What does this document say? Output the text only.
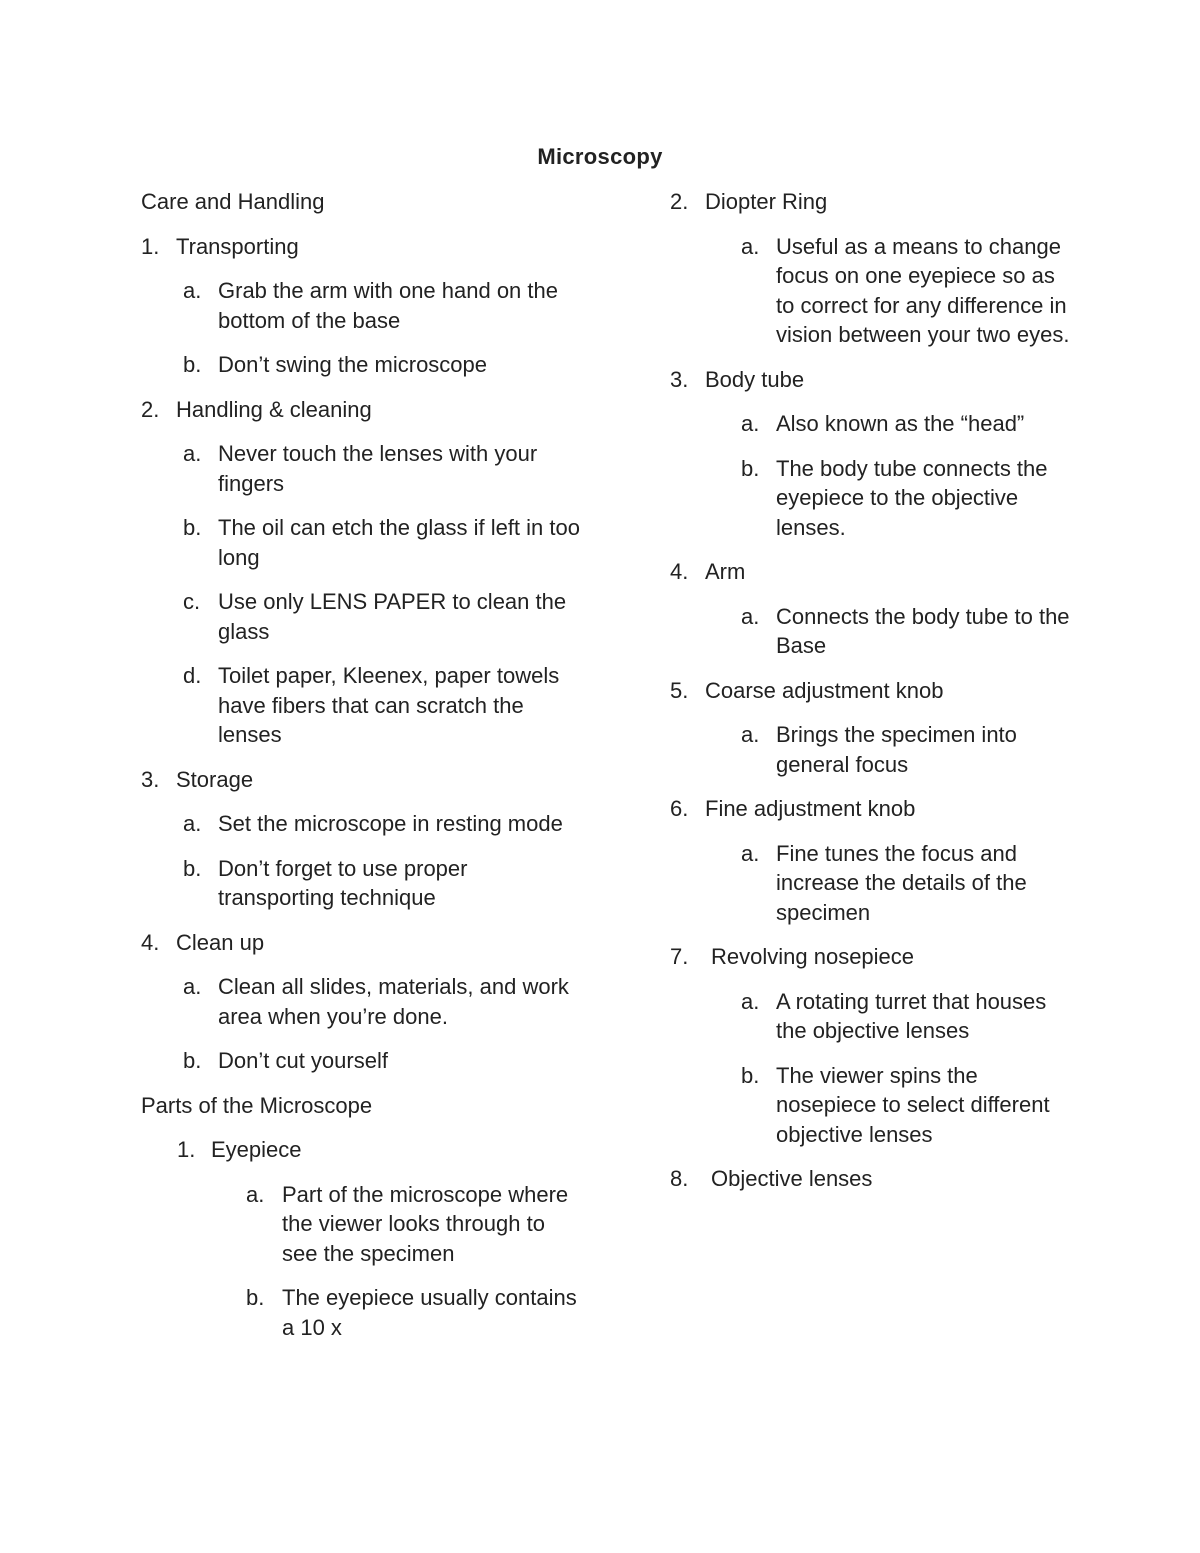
Microscopy
Care and Handling
1. Transporting
a. Grab the arm with one hand on the bottom of the base
b. Don’t swing the microscope
2. Handling & cleaning
a. Never touch the lenses with your fingers
b. The oil can etch the glass if left in too long
c. Use only LENS PAPER to clean the glass
d. Toilet paper, Kleenex, paper towels have fibers that can scratch the lenses
3. Storage
a. Set the microscope in resting mode
b. Don’t forget to use proper transporting technique
4. Clean up
a. Clean all slides, materials, and work area when you’re done.
b. Don’t cut yourself
Parts of the Microscope
1. Eyepiece
a. Part of the microscope where the viewer looks through to see the specimen
b. The eyepiece usually contains a 10 x
2. Diopter Ring
a. Useful as a means to change focus on one eyepiece so as to correct for any difference in vision between your two eyes.
3. Body tube
a. Also known as the “head”
b. The body tube connects the eyepiece to the objective lenses.
4. Arm
a. Connects the body tube to the Base
5. Coarse adjustment knob
a. Brings the specimen into general focus
6. Fine adjustment knob
a. Fine tunes the focus and increase the details of the specimen
7. Revolving nosepiece
a. A rotating turret that houses the objective lenses
b. The viewer spins the nosepiece to select different objective lenses
8. Objective lenses
